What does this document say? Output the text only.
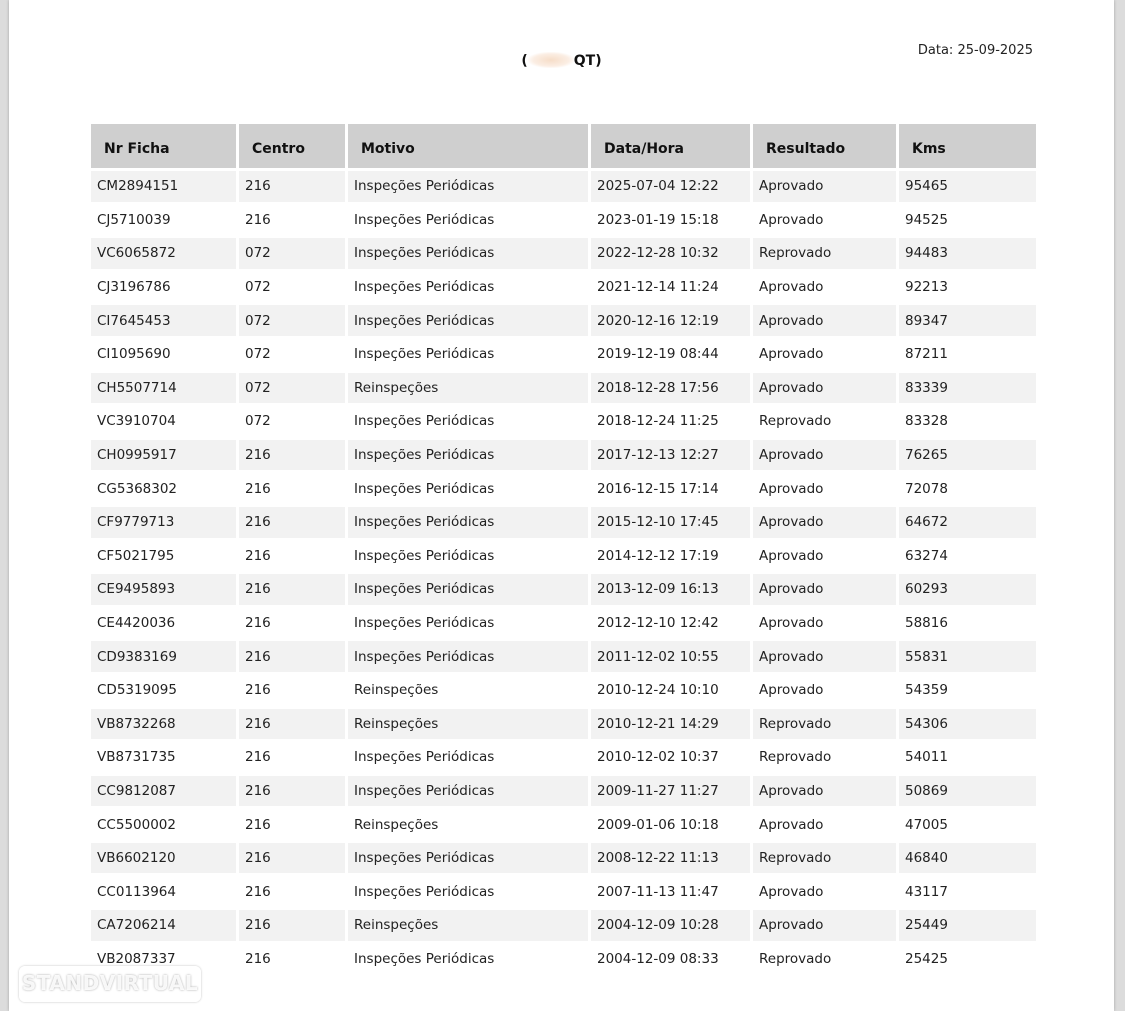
(	QT)
Data: 25-09-2025
Nr Ficha	Centro	Motivo	Data/Hora	Resultado	Kms
CM2894151	216	Inspeções Periódicas	2025-07-04 12:22	Aprovado	95465
CJ5710039	216	Inspeções Periódicas	2023-01-19 15:18	Aprovado	94525
VC6065872	072	Inspeções Periódicas	2022-12-28 10:32	Reprovado	94483
CJ3196786	072	Inspeções Periódicas	2021-12-14 11:24	Aprovado	92213
CI7645453	072	Inspeções Periódicas	2020-12-16 12:19	Aprovado	89347
CI1095690	072	Inspeções Periódicas	2019-12-19 08:44	Aprovado	87211
CH5507714	072	Reinspeções	2018-12-28 17:56	Aprovado	83339
VC3910704	072	Inspeções Periódicas	2018-12-24 11:25	Reprovado	83328
CH0995917	216	Inspeções Periódicas	2017-12-13 12:27	Aprovado	76265
CG5368302	216	Inspeções Periódicas	2016-12-15 17:14	Aprovado	72078
CF9779713	216	Inspeções Periódicas	2015-12-10 17:45	Aprovado	64672
CF5021795	216	Inspeções Periódicas	2014-12-12 17:19	Aprovado	63274
CE9495893	216	Inspeções Periódicas	2013-12-09 16:13	Aprovado	60293
CE4420036	216	Inspeções Periódicas	2012-12-10 12:42	Aprovado	58816
CD9383169	216	Inspeções Periódicas	2011-12-02 10:55	Aprovado	55831
CD5319095	216	Reinspeções	2010-12-24 10:10	Aprovado	54359
VB8732268	216	Reinspeções	2010-12-21 14:29	Reprovado	54306
VB8731735	216	Inspeções Periódicas	2010-12-02 10:37	Reprovado	54011
CC9812087	216	Inspeções Periódicas	2009-11-27 11:27	Aprovado	50869
CC5500002	216	Reinspeções	2009-01-06 10:18	Aprovado	47005
VB6602120	216	Inspeções Periódicas	2008-12-22 11:13	Reprovado	46840
CC0113964	216	Inspeções Periódicas	2007-11-13 11:47	Aprovado	43117
CA7206214	216	Reinspeções	2004-12-09 10:28	Aprovado	25449
VB2087337	216	Inspeções Periódicas	2004-12-09 08:33	Reprovado	25425
STANDVIRTUAL
